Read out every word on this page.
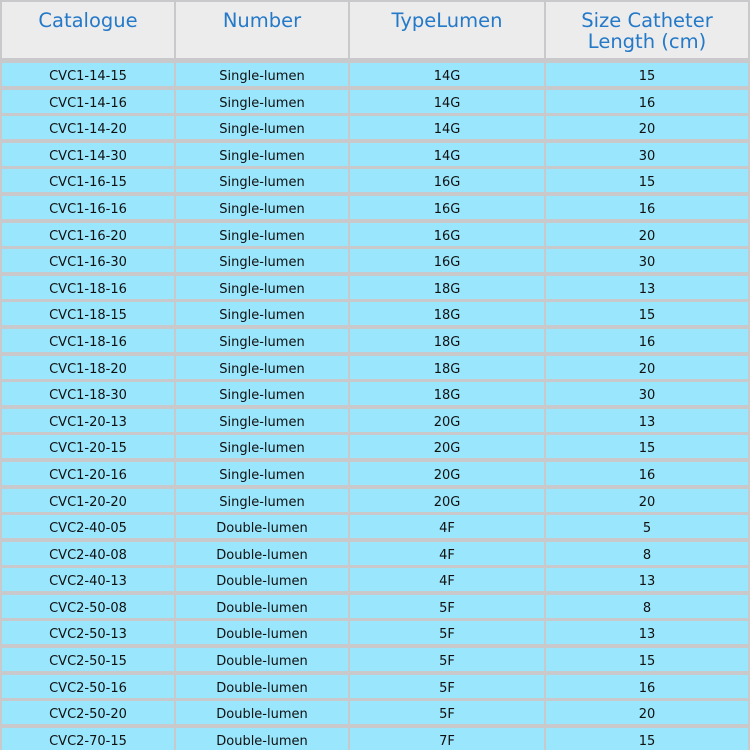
Catalogue	Number	TypeLumen	Size Catheter
Length (cm)
CVC1-14-15	Single-lumen	14G	15
CVC1-14-16	Single-lumen	14G	16
CVC1-14-20	Single-lumen	14G	20
CVC1-14-30	Single-lumen	14G	30
CVC1-16-15	Single-lumen	16G	15
CVC1-16-16	Single-lumen	16G	16
CVC1-16-20	Single-lumen	16G	20
CVC1-16-30	Single-lumen	16G	30
CVC1-18-16	Single-lumen	18G	13
CVC1-18-15	Single-lumen	18G	15
CVC1-18-16	Single-lumen	18G	16
CVC1-18-20	Single-lumen	18G	20
CVC1-18-30	Single-lumen	18G	30
CVC1-20-13	Single-lumen	20G	13
CVC1-20-15	Single-lumen	20G	15
CVC1-20-16	Single-lumen	20G	16
CVC1-20-20	Single-lumen	20G	20
CVC2-40-05	Double-lumen	4F	5
CVC2-40-08	Double-lumen	4F	8
CVC2-40-13	Double-lumen	4F	13
CVC2-50-08	Double-lumen	5F	8
CVC2-50-13	Double-lumen	5F	13
CVC2-50-15	Double-lumen	5F	15
CVC2-50-16	Double-lumen	5F	16
CVC2-50-20	Double-lumen	5F	20
CVC2-70-15	Double-lumen	7F	15
